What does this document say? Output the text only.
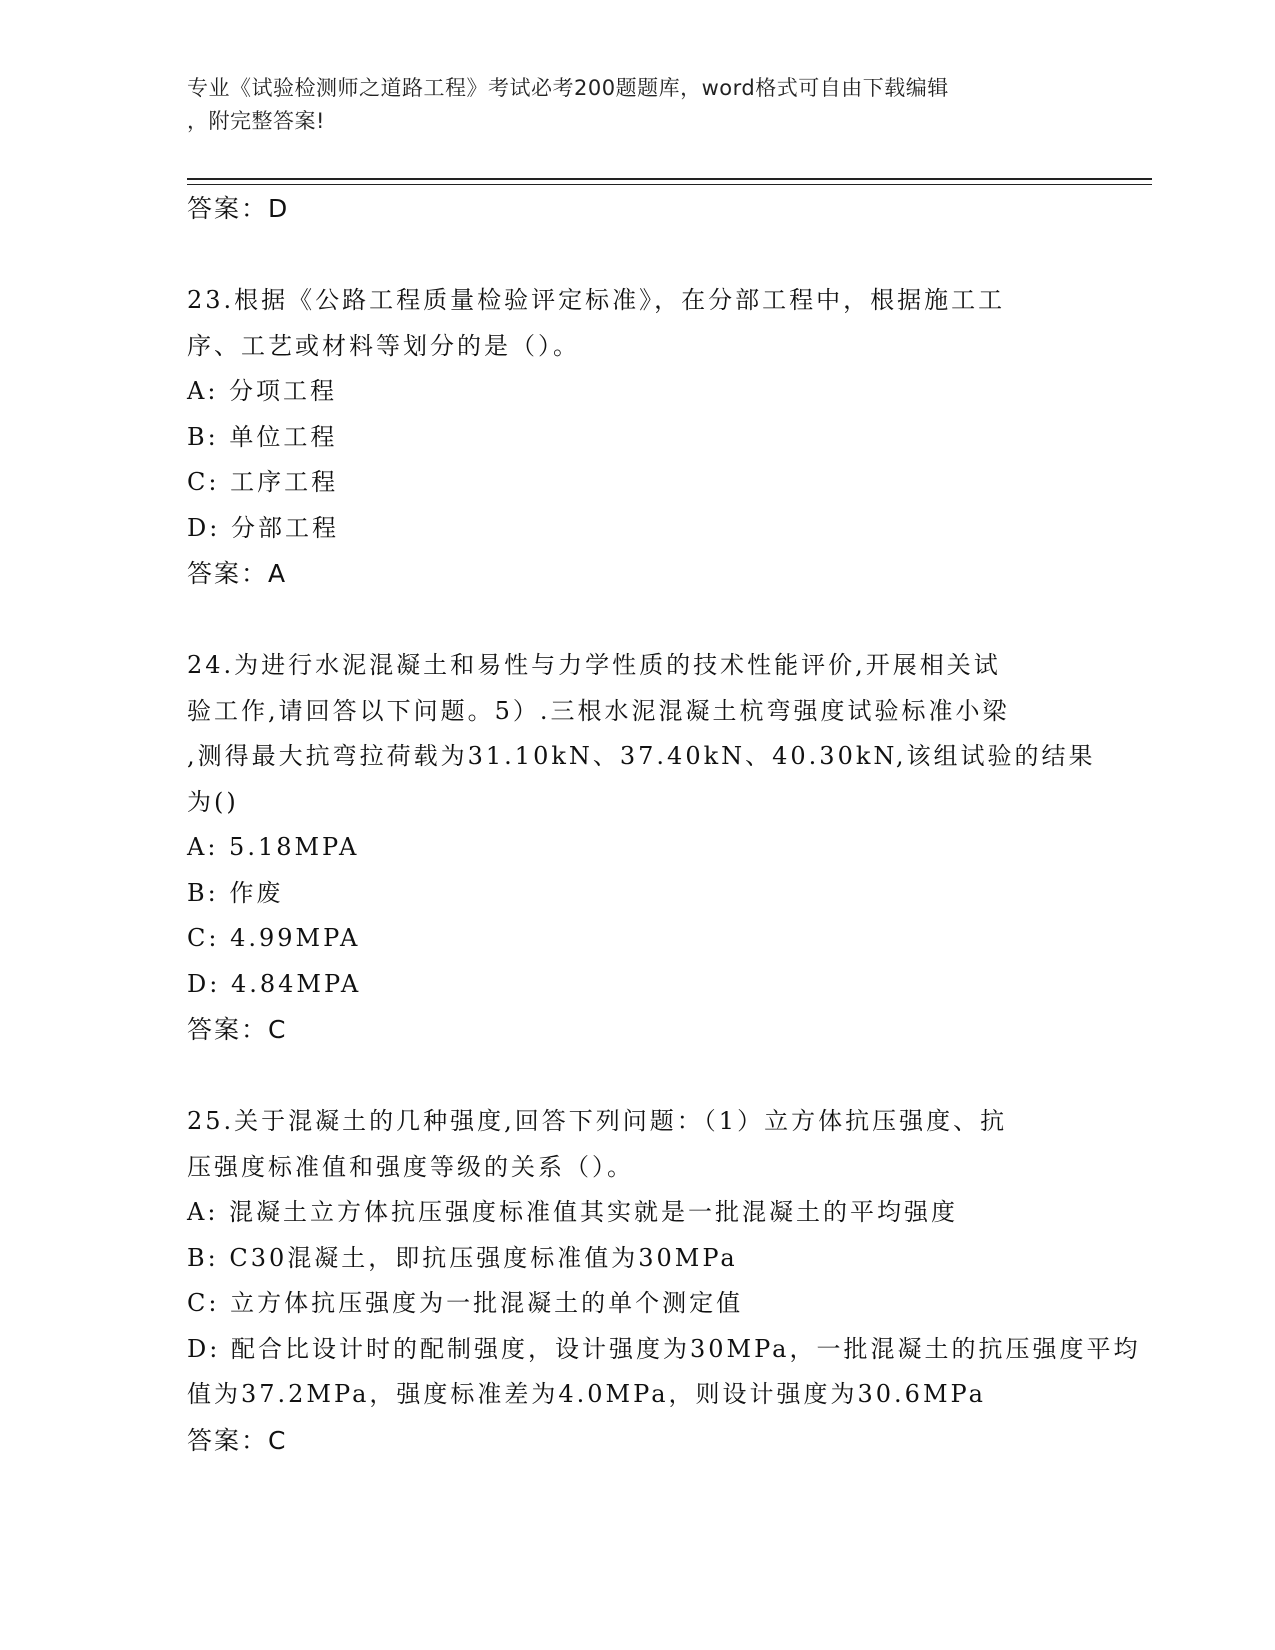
专业《试验检测师之道路工程》考试必考200题题库，word格式可自由下载编辑
，附完整答案!
答案：D
23.根据《公路工程质量检验评定标准》，在分部工程中，根据施工工
序、工艺或材料等划分的是（）。
A: 分项工程
B: 单位工程
C: 工序工程
D: 分部工程
答案：A
24.为进行水泥混凝土和易性与力学性质的技术性能评价,开展相关试
验工作,请回答以下问题。5）.三根水泥混凝土杭弯强度试验标准小梁
,测得最大抗弯拉荷载为31.10kN、37.40kN、40.30kN,该组试验的结果
为()
A: 5.18MPA
B: 作废
C: 4.99MPA
D: 4.84MPA
答案：C
25.关于混凝土的几种强度,回答下列问题：（1）立方体抗压强度、抗
压强度标准值和强度等级的关系（）。
A: 混凝土立方体抗压强度标准值其实就是一批混凝土的平均强度
B: C30混凝土，即抗压强度标准值为30MPa
C: 立方体抗压强度为一批混凝土的单个测定值
D: 配合比设计时的配制强度，设计强度为30MPa，一批混凝土的抗压强度平均值为37.2MPa，强度标准差为4.0MPa，则设计强度为30.6MPa
答案：C
